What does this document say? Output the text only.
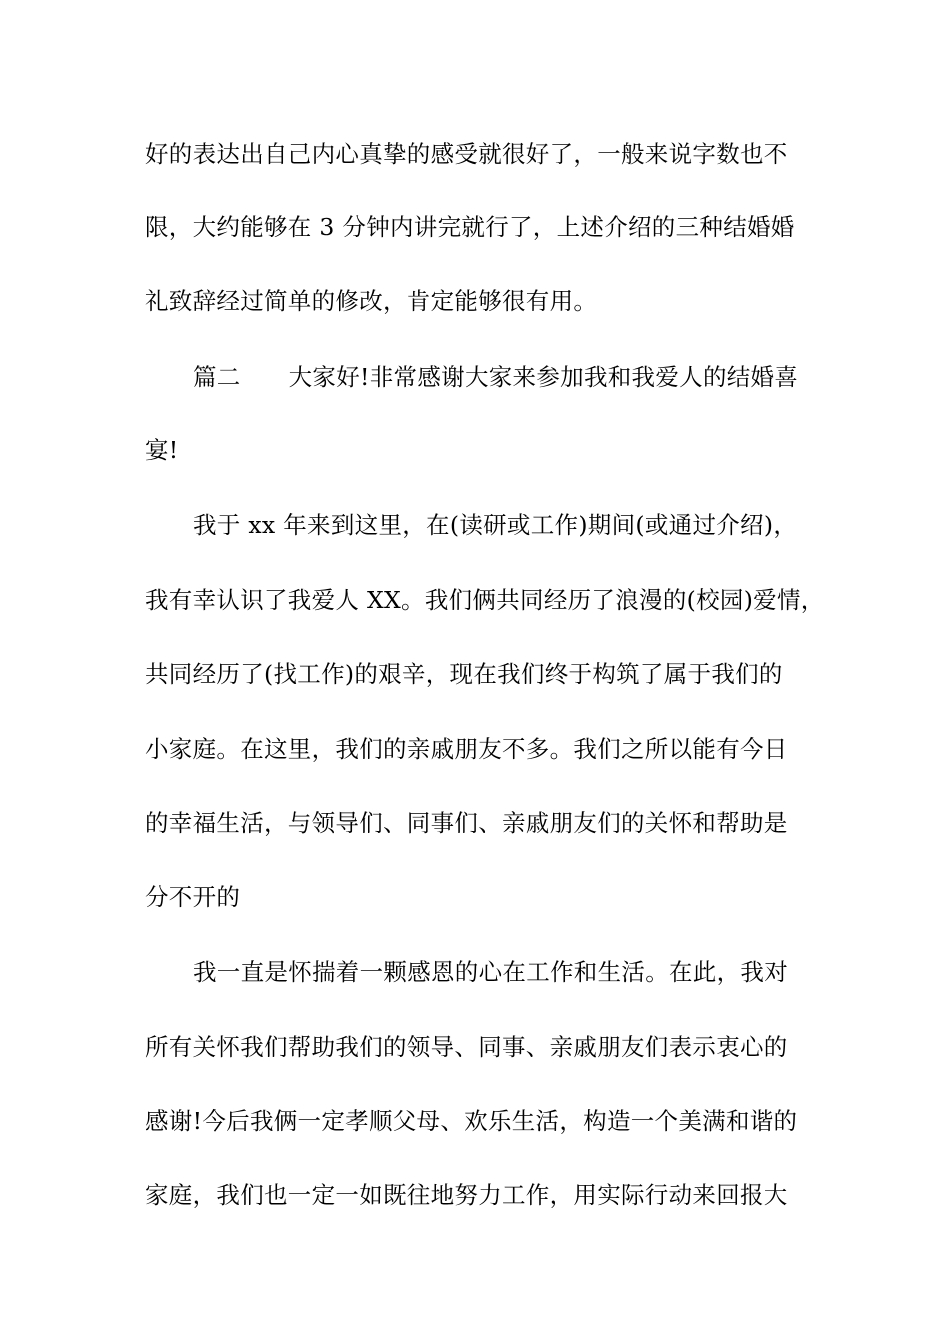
好的表达出自己内心真挚的感受就很好了，一般来说字数也不
限，大约能够在 3 分钟内讲完就行了，上述介绍的三种结婚婚
礼致辞经过简单的修改，肯定能够很有用。
篇二 大家好!非常感谢大家来参加我和我爱人的结婚喜
宴!
我于 xx 年来到这里，在(读研或工作)期间(或通过介绍)，
我有幸认识了我爱人 XX。我们俩共同经历了浪漫的(校园)爱情，
共同经历了(找工作)的艰辛，现在我们终于构筑了属于我们的
小家庭。在这里，我们的亲戚朋友不多。我们之所以能有今日
的幸福生活，与领导们、同事们、亲戚朋友们的关怀和帮助是
分不开的
我一直是怀揣着一颗感恩的心在工作和生活。在此，我对
所有关怀我们帮助我们的领导、同事、亲戚朋友们表示衷心的
感谢!今后我俩一定孝顺父母、欢乐生活，构造一个美满和谐的
家庭，我们也一定一如既往地努力工作，用实际行动来回报大
